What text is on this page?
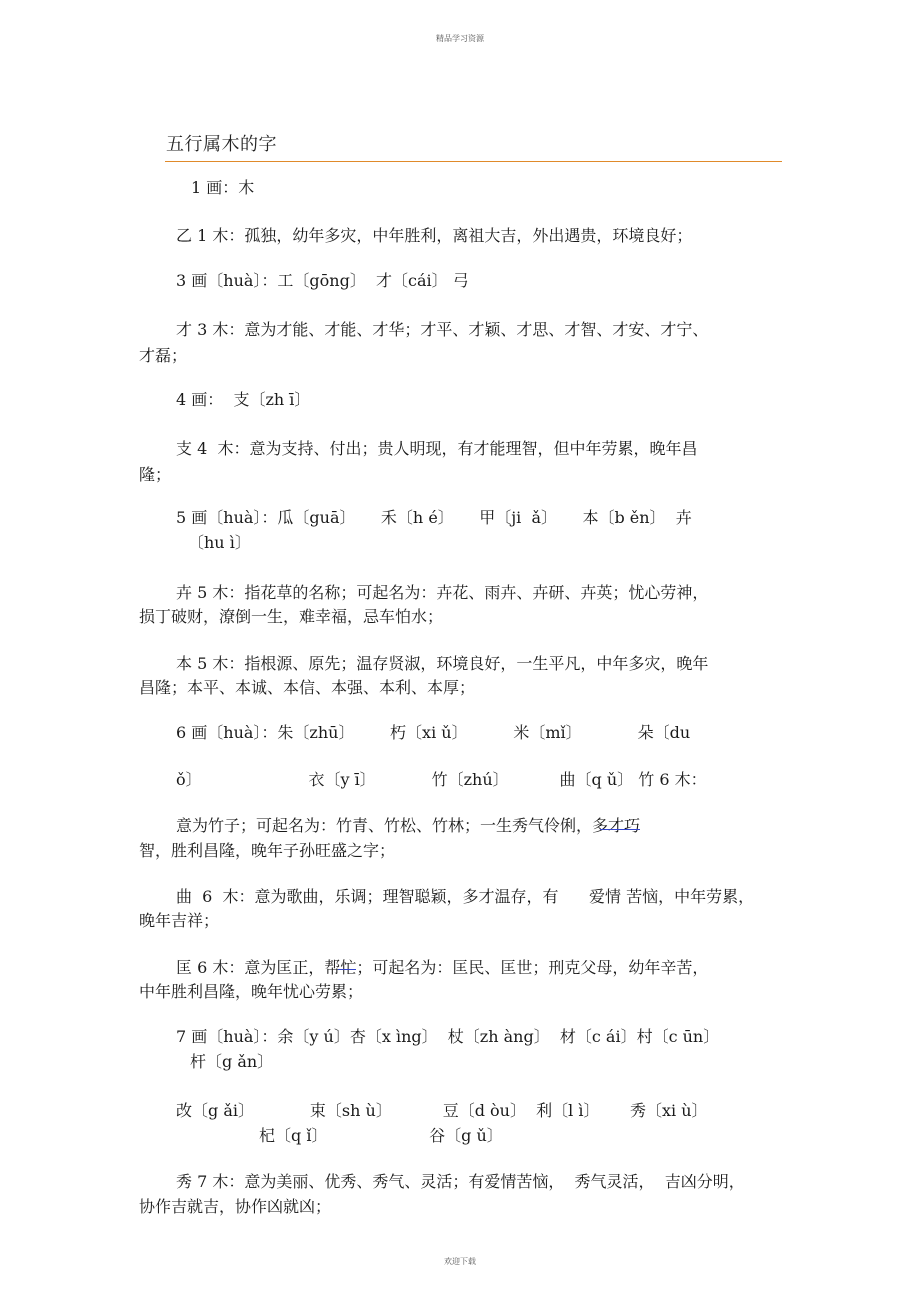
精品学习资源
五行属木的字
1 画：木
乙 1 木：孤独，幼年多灾，中年胜利，离祖大吉，外出遇贵，环境良好；
3 画〔huà〕：工〔gōng〕  才〔cái〕 弓
才 3 木：意为才能、才能、才华；才平、才颖、才思、才智、才安、才宁、
才磊；
4 画：  支〔zh ī〕
支 4  木：意为支持、付出；贵人明现，有才能理智，但中年劳累，晚年昌
隆；
5 画〔huà〕：瓜〔guā〕     禾〔h é〕     甲〔ji  ǎ〕     本〔b ěn〕  卉
〔hu ì〕
卉 5 木：指花草的名称；可起名为：卉花、雨卉、卉研、卉英；忧心劳神，
损丁破财，潦倒一生，难幸福，忌车怕水；
本 5 木：指根源、原先；温存贤淑，环境良好，一生平凡，中年多灾，晚年
昌隆；本平、本诚、本信、本强、本利、本厚；
6 画〔huà〕：朱〔zhū〕       朽〔xi ǔ〕         米〔mǐ〕           朵〔du
ǒ〕                     衣〔y ī〕           竹〔zhú〕          曲〔q ǔ〕 竹 6 木：
意为竹子；可起名为：竹青、竹松、竹林；一生秀气伶俐，多才巧
智，胜利昌隆，晚年子孙旺盛之字；
曲  6  木：意为歌曲，乐调；理智聪颖，多才温存，有      爱情 苦恼，中年劳累，
晚年吉祥；
匡 6 木：意为匡正，帮忙；可起名为：匡民、匡世；刑克父母，幼年辛苦，
中年胜利昌隆，晚年忧心劳累；
7 画〔huà〕：余〔y ú〕杏〔x ìng〕  杖〔zh àng〕  材〔c ái〕村〔c ūn〕
杆〔g ǎn〕
改〔g ǎi〕           束〔sh ù〕          豆〔d òu〕  利〔l ì〕      秀〔xi ù〕
杞〔q ǐ〕                    谷〔g ǔ〕
秀 7 木：意为美丽、优秀、秀气、灵活；有爱情苦恼，  秀气灵活，  吉凶分明，
协作吉就吉，协作凶就凶；
欢迎下载
